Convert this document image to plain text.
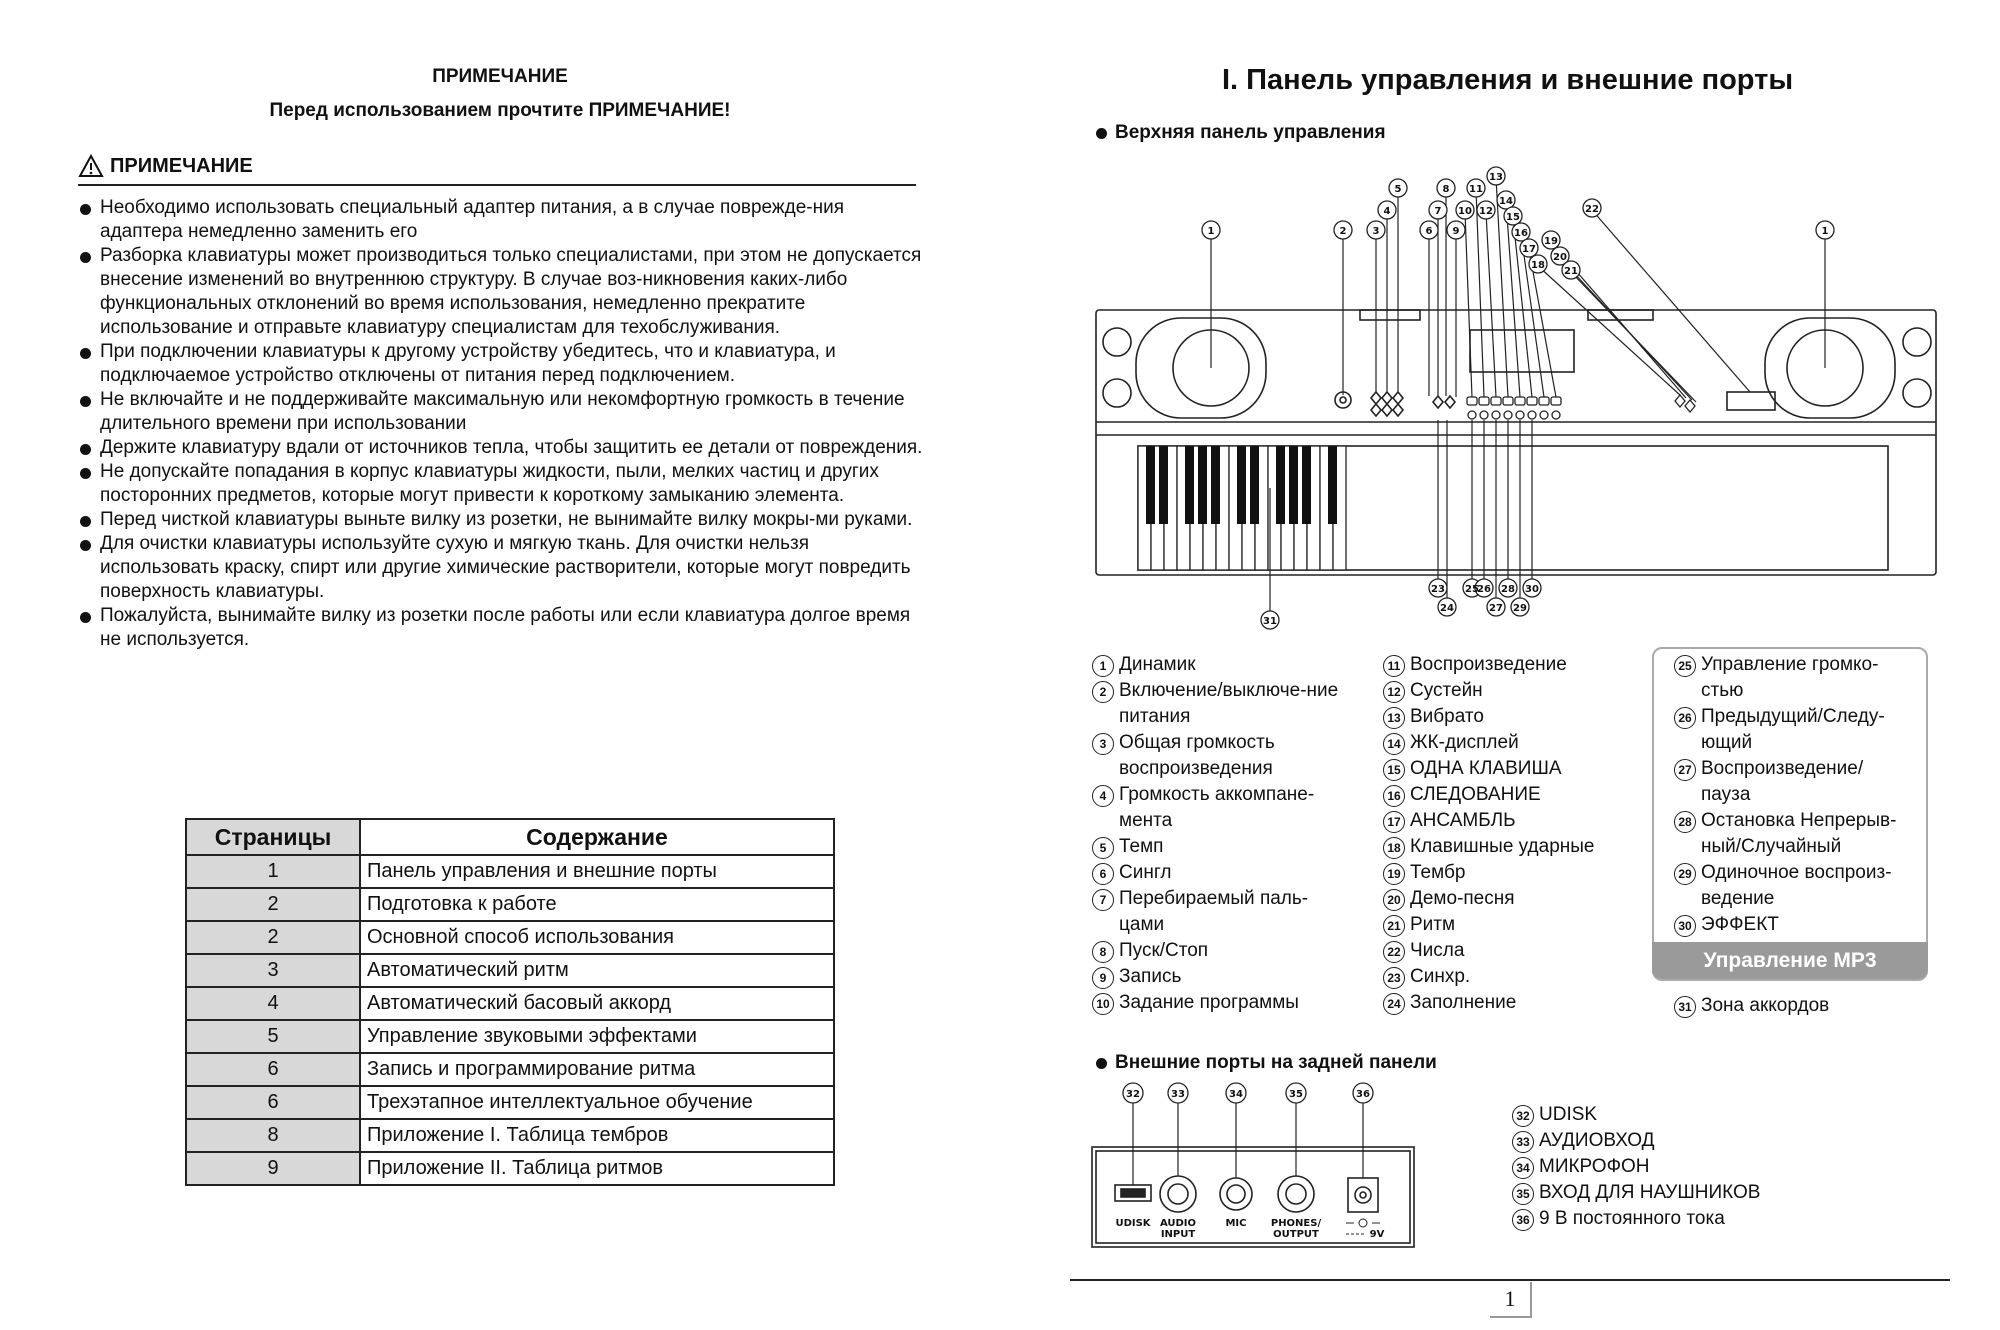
ПРИМЕЧАНИЕ
Перед использованием прочтите ПРИМЕЧАНИЕ!
ПРИМЕЧАНИЕ
Необходимо использовать специальный адаптер питания, а в случае поврежде-ния адаптера немедленно заменить его
Разборка клавиатуры может производиться только специалистами, при этом не допускается внесение изменений во внутреннюю структуру. В случае воз-никновения каких-либо функциональных отклонений во время использования, немедленно прекратите использование и отправьте клавиатуру специалистам для техобслуживания.
При подключении клавиатуры к другому устройству убедитесь, что и клавиатура, и подключаемое устройство отключены от питания перед подключением.
Не включайте и не поддерживайте максимальную или некомфортную громкость в течение длительного времени при использовании
Держите клавиатуру вдали от источников тепла, чтобы защитить ее детали от повреждения.
Не допускайте попадания в корпус клавиатуры жидкости, пыли, мелких частиц и других посторонних предметов, которые могут привести к короткому замыканию элемента.
Перед чисткой клавиатуры выньте вилку из розетки, не вынимайте вилку мокры-ми руками.
Для очистки клавиатуры используйте сухую и мягкую ткань. Для очистки нельзя использовать краску, спирт или другие химические растворители, которые могут повредить поверхность клавиатуры.
Пожалуйста, вынимайте вилку из розетки после работы или если клавиатура долгое время не используется.
Страницы	Содержание
1	Панель управления и внешние порты
2	Подготовка к работе
2	Основной способ использования
3	Автоматический ритм
4	Автоматический басовый аккорд
5	Управление звуковыми эффектами
6	Запись и программирование ритма
6	Трехэтапное интеллектуальное обучение
8	Приложение I. Таблица тембров
9	Приложение II. Таблица ритмов
I. Панель управления и внешние порты
Верхняя панель управления
1	2	3
4
5
6
7
8
9
10
11
12
13
14
15
16
17
18
19
20
21
22
1
31
23
24
25
26
27
28
29
30
1 Динамик
2 Включение/выключе-ние питания
3 Общая громкость воспроизведения
4 Громкость аккомпане-мента
5 Темп
6 Сингл
7 Перебираемый паль-цами
8 Пуск/Стоп
9 Запись
10 Задание программы
11 Воспроизведение
12 Сустейн
13 Вибрато
14 ЖК-дисплей
15 ОДНА КЛАВИША
16 СЛЕДОВАНИЕ
17 АНСАМБЛЬ
18 Клавишные ударные
19 Тембр
20 Демо-песня
21 Ритм
22 Числа
23 Синхр.
24 Заполнение
25 Управление громко-стью
26 Предыдущий/Следу-ющий
27 Воспроизведение/ пауза
28 Остановка Непрерыв-ный/Случайный
29 Одиночное воспроиз-ведение
30 ЭФФЕКТ
Управление MP3
31 Зона аккордов
Внешние порты на задней панели
32	33	34	35	36
UDISK AUDIO
INPUT
MIC PHONES/
OUTPUT	9V
32 UDISK
33 АУДИОВХОД
34 МИКРОФОН
35 ВХОД ДЛЯ НАУШНИКОВ
36 9 В постоянного тока
1
